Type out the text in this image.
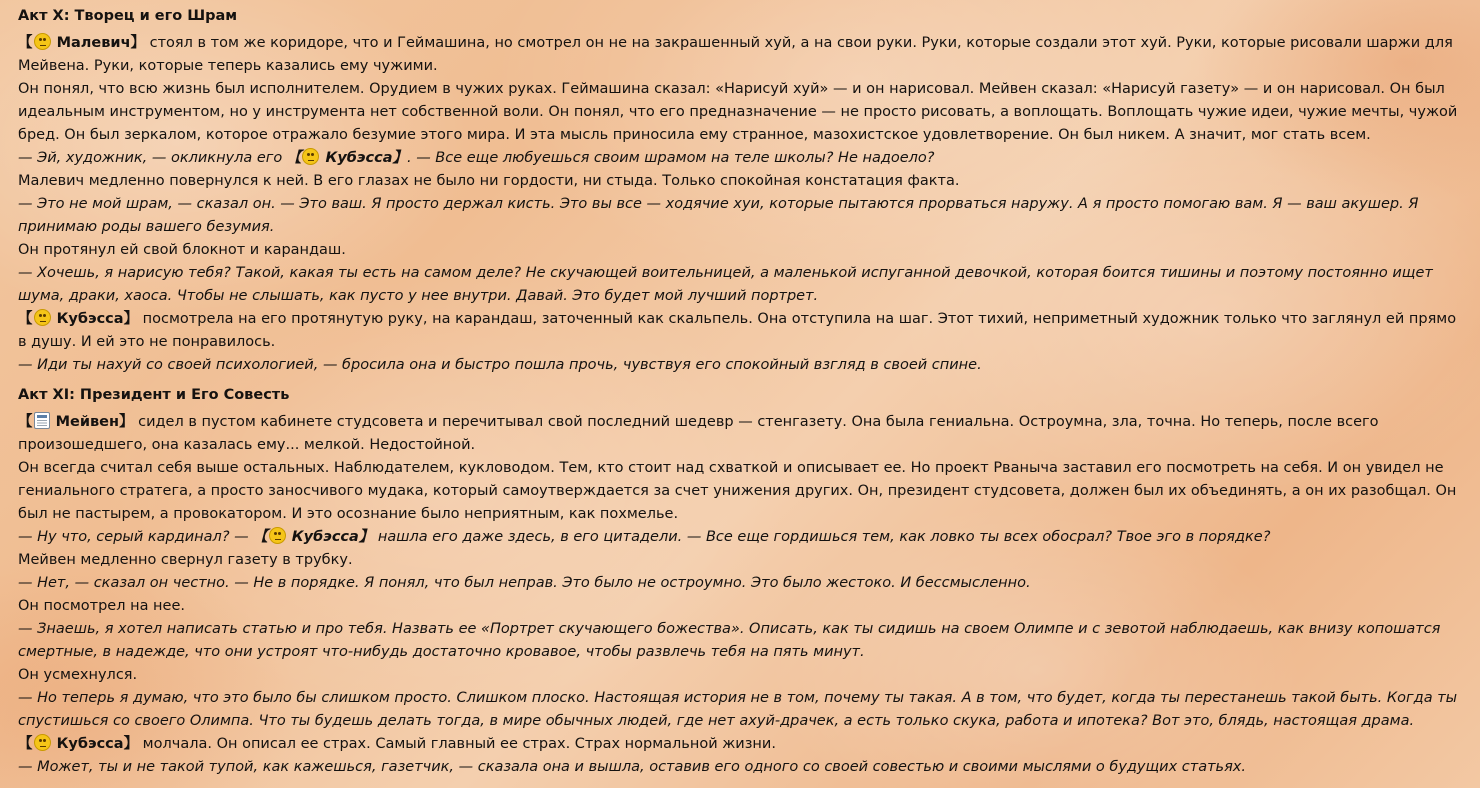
Акт X: Творец и его Шрам

【 Малевич】 стоял в том же коридоре, что и Геймашина, но смотрел он не на закрашенный хуй, а на свои руки. Руки, которые создали этот хуй. Руки, которые рисовали шаржи для Мейвена. Руки, которые теперь казались ему чужими.

Он понял, что всю жизнь был исполнителем. Орудием в чужих руках. Геймашина сказал: «Нарисуй хуй» — и он нарисовал. Мейвен сказал: «Нарисуй газету» — и он нарисовал. Он был идеальным инструментом, но у инструмента нет собственной воли. Он понял, что его предназначение — не просто рисовать, а воплощать. Воплощать чужие идеи, чужие мечты, чужой бред. Он был зеркалом, которое отражало безумие этого мира. И эта мысль приносила ему странное, мазохистское удовлетворение. Он был никем. А значит, мог стать всем.

— Эй, художник, — окликнула его 【 Кубэсса】. — Все еще любуешься своим шрамом на теле школы? Не надоело?

Малевич медленно повернулся к ней. В его глазах не было ни гордости, ни стыда. Только спокойная констатация факта.

— Это не мой шрам, — сказал он. — Это ваш. Я просто держал кисть. Это вы все — ходячие хуи, которые пытаются прорваться наружу. А я просто помогаю вам. Я — ваш акушер. Я принимаю роды вашего безумия.

Он протянул ей свой блокнот и карандаш.

— Хочешь, я нарисую тебя? Такой, какая ты есть на самом деле? Не скучающей воительницей, а маленькой испуганной девочкой, которая боится тишины и поэтому постоянно ищет шума, драки, хаоса. Чтобы не слышать, как пусто у нее внутри. Давай. Это будет мой лучший портрет.

【 Кубэсса】 посмотрела на его протянутую руку, на карандаш, заточенный как скальпель. Она отступила на шаг. Этот тихий, неприметный художник только что заглянул ей прямо в душу. И ей это не понравилось.

— Иди ты нахуй со своей психологией, — бросила она и быстро пошла прочь, чувствуя его спокойный взгляд в своей спине.

Акт XI: Президент и Его Совесть

【 Мейвен】 сидел в пустом кабинете студсовета и перечитывал свой последний шедевр — стенгазету. Она была гениальна. Остроумна, зла, точна. Но теперь, после всего произошедшего, она казалась ему... мелкой. Недостойной.

Он всегда считал себя выше остальных. Наблюдателем, кукловодом. Тем, кто стоит над схваткой и описывает ее. Но проект Рваныча заставил его посмотреть на себя. И он увидел не гениального стратега, а просто заносчивого мудака, который самоутверждается за счет унижения других. Он, президент студсовета, должен был их объединять, а он их разобщал. Он был не пастырем, а провокатором. И это осознание было неприятным, как похмелье.

— Ну что, серый кардинал? — 【 Кубэсса】 нашла его даже здесь, в его цитадели. — Все еще гордишься тем, как ловко ты всех обосрал? Твое эго в порядке?

Мейвен медленно свернул газету в трубку.

— Нет, — сказал он честно. — Не в порядке. Я понял, что был неправ. Это было не остроумно. Это было жестоко. И бессмысленно.

Он посмотрел на нее.

— Знаешь, я хотел написать статью и про тебя. Назвать ее «Портрет скучающего божества». Описать, как ты сидишь на своем Олимпе и с зевотой наблюдаешь, как внизу копошатся смертные, в надежде, что они устроят что-нибудь достаточно кровавое, чтобы развлечь тебя на пять минут.

Он усмехнулся.

— Но теперь я думаю, что это было бы слишком просто. Слишком плоско. Настоящая история не в том, почему ты такая. А в том, что будет, когда ты перестанешь такой быть. Когда ты спустишься со своего Олимпа. Что ты будешь делать тогда, в мире обычных людей, где нет ахуй-драчек, а есть только скука, работа и ипотека? Вот это, блядь, настоящая драма.

【 Кубэсса】 молчала. Он описал ее страх. Самый главный ее страх. Страх нормальной жизни.

— Может, ты и не такой тупой, как кажешься, газетчик, — сказала она и вышла, оставив его одного со своей совестью и своими мыслями о будущих статьях.
